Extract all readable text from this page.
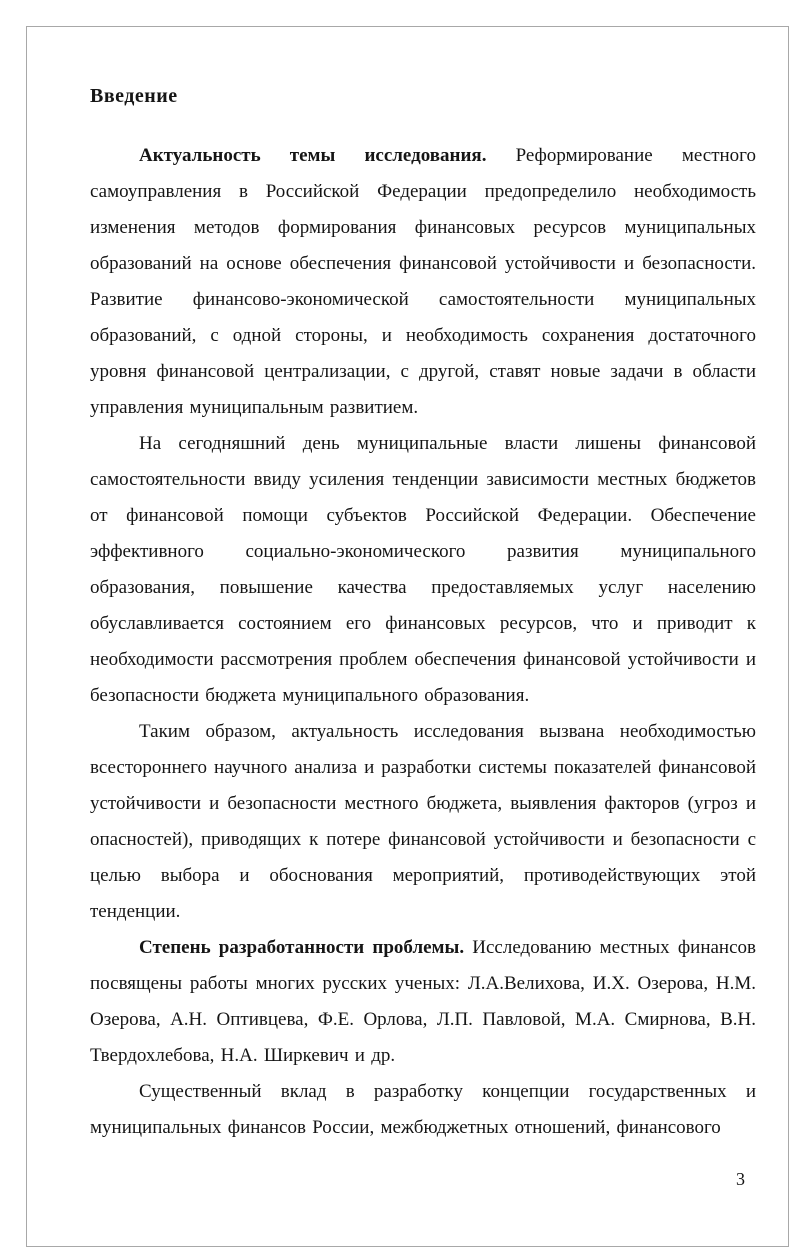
Введение

Актуальность темы исследования. Реформирование местного самоуправления в Российской Федерации предопределило необходимость изменения методов формирования финансовых ресурсов муниципальных образований на основе обеспечения финансовой устойчивости и безопасности. Развитие финансово-экономической самостоятельности муниципальных образований, с одной стороны, и необходимость сохранения достаточного уровня финансовой централизации, с другой, ставят новые задачи в области управления муниципальным развитием.

На сегодняшний день муниципальные власти лишены финансовой самостоятельности ввиду усиления тенденции зависимости местных бюджетов от финансовой помощи субъектов Российской Федерации. Обеспечение эффективного социально-экономического развития муниципального образования, повышение качества предоставляемых услуг населению обуславливается состоянием его финансовых ресурсов, что и приводит к необходимости рассмотрения проблем обеспечения финансовой устойчивости и безопасности бюджета муниципального образования.

Таким образом, актуальность исследования вызвана необходимостью всестороннего научного анализа и разработки системы показателей финансовой устойчивости и безопасности местного бюджета, выявления факторов (угроз и опасностей), приводящих к потере финансовой устойчивости и безопасности с целью выбора и обоснования мероприятий, противодействующих этой тенденции.

Степень разработанности проблемы. Исследованию местных финансов посвящены работы многих русских ученых: Л.А.Велихова, И.Х. Озерова, Н.М. Озерова, А.Н. Оптивцева, Ф.Е. Орлова, Л.П. Павловой, М.А. Смирнова, В.Н. Твердохлебова, Н.А. Ширкевич и др.

Существенный вклад в разработку концепции государственных и муниципальных финансов России, межбюджетных отношений, финансового

3
